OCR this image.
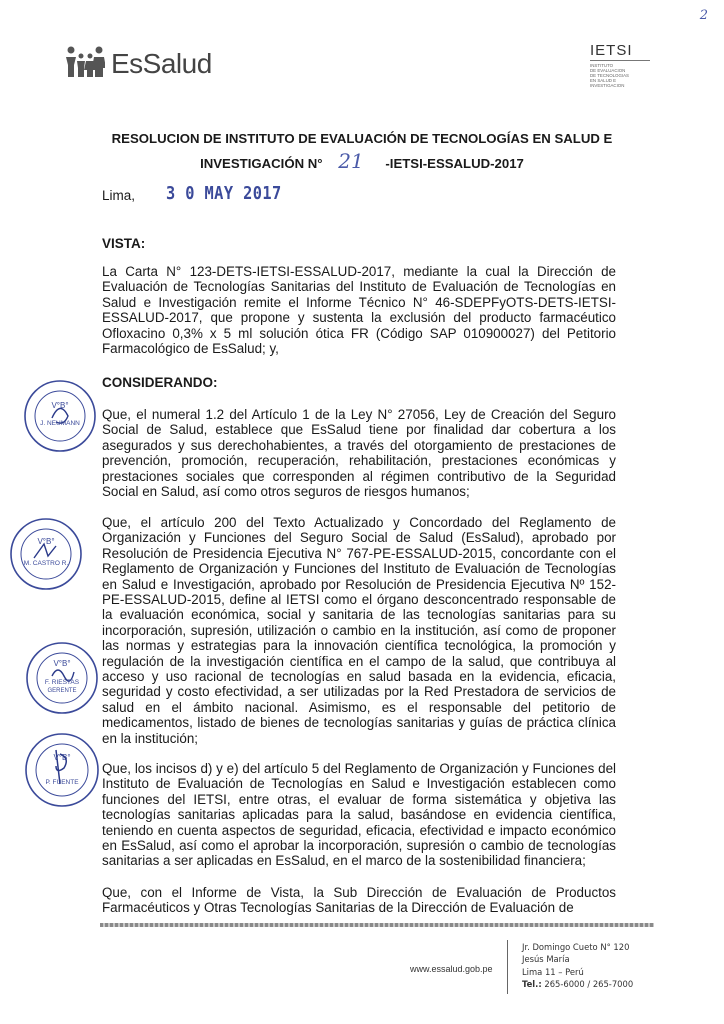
2
EsSalud	IETSI
INSTITUTO
DE EVALUACION
DE TECNOLOGIAS
EN SALUD E
INVESTIGACION
RESOLUCION DE INSTITUTO DE EVALUACIÓN DE TECNOLOGÍAS EN SALUD E
INVESTIGACIÓN N° 21 -IETSI-ESSALUD-2017
Lima, 3 0 MAY 2017
VISTA:
La Carta N° 123-DETS-IETSI-ESSALUD-2017, mediante la cual la Dirección de Evaluación de Tecnologías Sanitarias del Instituto de Evaluación de Tecnologías en Salud e Investigación remite el Informe Técnico N° 46-SDEPFyOTS-DETS-IETSI-ESSALUD-2017, que propone y sustenta la exclusión del producto farmacéutico Ofloxacino 0,3% x 5 ml solución ótica FR (Código SAP 010900027) del Petitorio Farmacológico de EsSalud; y,
CONSIDERANDO:
Que, el numeral 1.2 del Artículo 1 de la Ley N° 27056, Ley de Creación del Seguro Social de Salud, establece que EsSalud tiene por finalidad dar cobertura a los asegurados y sus derechohabientes, a través del otorgamiento de prestaciones de prevención, promoción, recuperación, rehabilitación, prestaciones económicas y prestaciones sociales que corresponden al régimen contributivo de la Seguridad Social en Salud, así como otros seguros de riesgos humanos;
Que, el artículo 200 del Texto Actualizado y Concordado del Reglamento de Organización y Funciones del Seguro Social de Salud (EsSalud), aprobado por Resolución de Presidencia Ejecutiva N° 767-PE-ESSALUD-2015, concordante con el Reglamento de Organización y Funciones del Instituto de Evaluación de Tecnologías en Salud e Investigación, aprobado por Resolución de Presidencia Ejecutiva Nº 152-PE-ESSALUD-2015, define al IETSI como el órgano desconcentrado responsable de la evaluación económica, social y sanitaria de las tecnologías sanitarias para su incorporación, supresión, utilización o cambio en la institución, así como de proponer las normas y estrategias para la innovación científica tecnológica, la promoción y regulación de la investigación científica en el campo de la salud, que contribuya al acceso y uso racional de tecnologías en salud basada en la evidencia, eficacia, seguridad y costo efectividad, a ser utilizadas por la Red Prestadora de servicios de salud en el ámbito nacional. Asimismo, es el responsable del petitorio de medicamentos, listado de bienes de tecnologías sanitarias y guías de práctica clínica en la institución;
Que, los incisos d) y e) del artículo 5 del Reglamento de Organización y Funciones del Instituto de Evaluación de Tecnologías en Salud e Investigación establecen como funciones del IETSI, entre otras, el evaluar de forma sistemática y objetiva las tecnologías sanitarias aplicadas para la salud, basándose en evidencia científica, teniendo en cuenta aspectos de seguridad, eficacia, efectividad e impacto económico en EsSalud, así como el aprobar la incorporación, supresión o cambio de tecnologías sanitarias a ser aplicadas en EsSalud, en el marco de la sostenibilidad financiera;
Que, con el Informe de Vista, la Sub Dirección de Evaluación de Productos Farmacéuticos y Otras Tecnologías Sanitarias de la Dirección de Evaluación de
V°B°
J. NEUMANN
V°B°
M. CASTRO R.
V°B°
F. RIESTAS
GERENTE
V°B°
P. FUENTE
www.essalud.gob.pe
Jr. Domingo Cueto N° 120
Jesús María
Lima 11 – Perú
Tel.: 265-6000 / 265-7000
